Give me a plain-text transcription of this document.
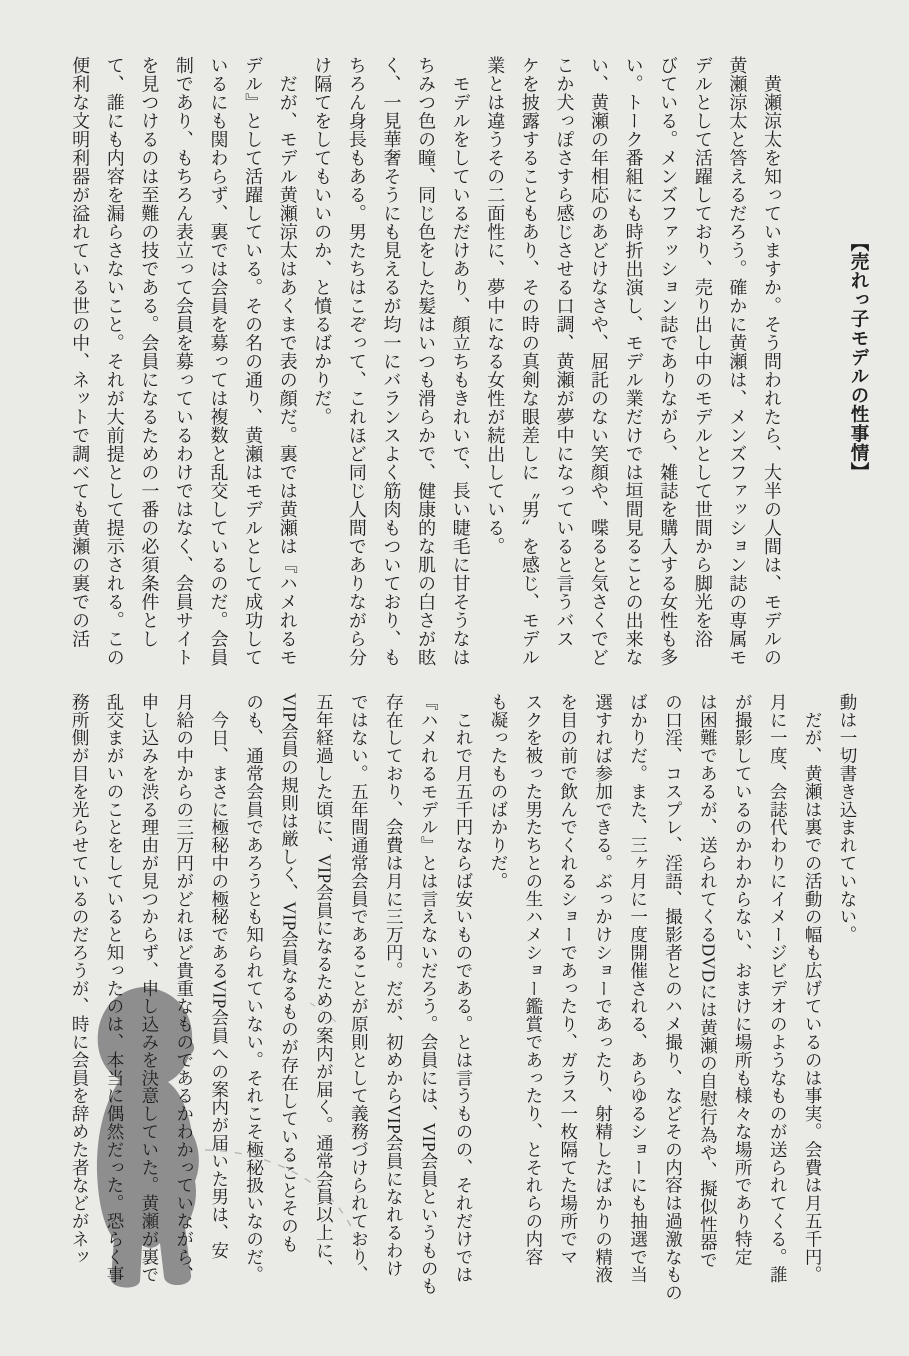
【売れっ子モデルの性事情】
　黄瀬涼太を知っていますか。そう問われたら、大半の人間は、モデルの
黄瀬涼太と答えるだろう。確かに黄瀬は、メンズファッション誌の専属モ
デルとして活躍しており、売り出し中のモデルとして世間から脚光を浴
びている。メンズファッション誌でありながら、雑誌を購入する女性も多
い。トーク番組にも時折出演し、モデル業だけでは垣間見ることの出来な
い、黄瀬の年相応のあどけなさや、屈託のない笑顔や、喋ると気さくでど
こか犬っぽさすら感じさせる口調、黄瀬が夢中になっていると言うバス
ケを披露することもあり、その時の真剣な眼差しに〝男〟を感じ、モデル
業とは違うその二面性に、夢中になる女性が続出している。
　モデルをしているだけあり、顔立ちもきれいで、長い睫毛に甘そうなは
ちみつ色の瞳、同じ色をした髪はいつも滑らかで、健康的な肌の白さが眩
く、一見華奢そうにも見えるが均一にバランスよく筋肉もついており、も
ちろん身長もある。男たちはこぞって、これほど同じ人間でありながら分
け隔てをしてもいいのか、と憤るばかりだ。
　だが、モデル黄瀬涼太はあくまで表の顔だ。裏では黄瀬は『ハメれるモ
デル』として活躍している。その名の通り、黄瀬はモデルとして成功して
いるにも関わらず、裏では会員を募っては複数と乱交しているのだ。会員
制であり、もちろん表立って会員を募っているわけではなく、会員サイト
を見つけるのは至難の技である。会員になるための一番の必須条件とし
て、誰にも内容を漏らさないこと。それが大前提として提示される。この
便利な文明利器が溢れている世の中、ネットで調べても黄瀬の裏での活
動は一切書き込まれていない。
　だが、黄瀬は裏での活動の幅も広げているのは事実。会費は月五千円。
月に一度、会誌代わりにイメージビデオのようなものが送られてくる。誰
が撮影しているのかわからない、おまけに場所も様々な場所であり特定
は困難であるが、送られてくるDVDには黄瀬の自慰行為や、擬似性器で
の口淫、コスプレ、淫語、撮影者とのハメ撮り、などその内容は過激なもの
ばかりだ。また、三ヶ月に一度開催される、あらゆるショーにも抽選で当
選すれば参加できる。ぶっかけショーであったり、射精したばかりの精液
を目の前で飲んでくれるショーであったり、ガラス一枚隔てた場所でマ
スクを被った男たちとの生ハメショー鑑賞であったり、とそれらの内容
も凝ったものばかりだ。
　これで月五千円ならば安いものである。とは言うものの、それだけでは
『ハメれるモデル』とは言えないだろう。会員には、VIP会員というものも
存在しており、会費は月に三万円。だが、初めからVIP会員になれるわけ
ではない。五年間通常会員であることが原則として義務づけられており、
五年経過した頃に、VIP会員になるための案内が届く。通常会員以上に、
VIP会員の規則は厳しく、VIP会員なるものが存在していることそのも
のも、通常会員であろうとも知られていない。それこそ極秘扱いなのだ。
　今日、まさに極秘中の極秘であるVIP会員への案内が届いた男は、安
月給の中からの三万円がどれほど貴重なものであるかわかっていながら、
申し込みを渋る理由が見つからず、申し込みを決意していた。黄瀬が裏で
乱交まがいのことをしていると知ったのは、本当に偶然だった。恐らく事
務所側が目を光らせているのだろうが、時に会員を辞めた者などがネッ
